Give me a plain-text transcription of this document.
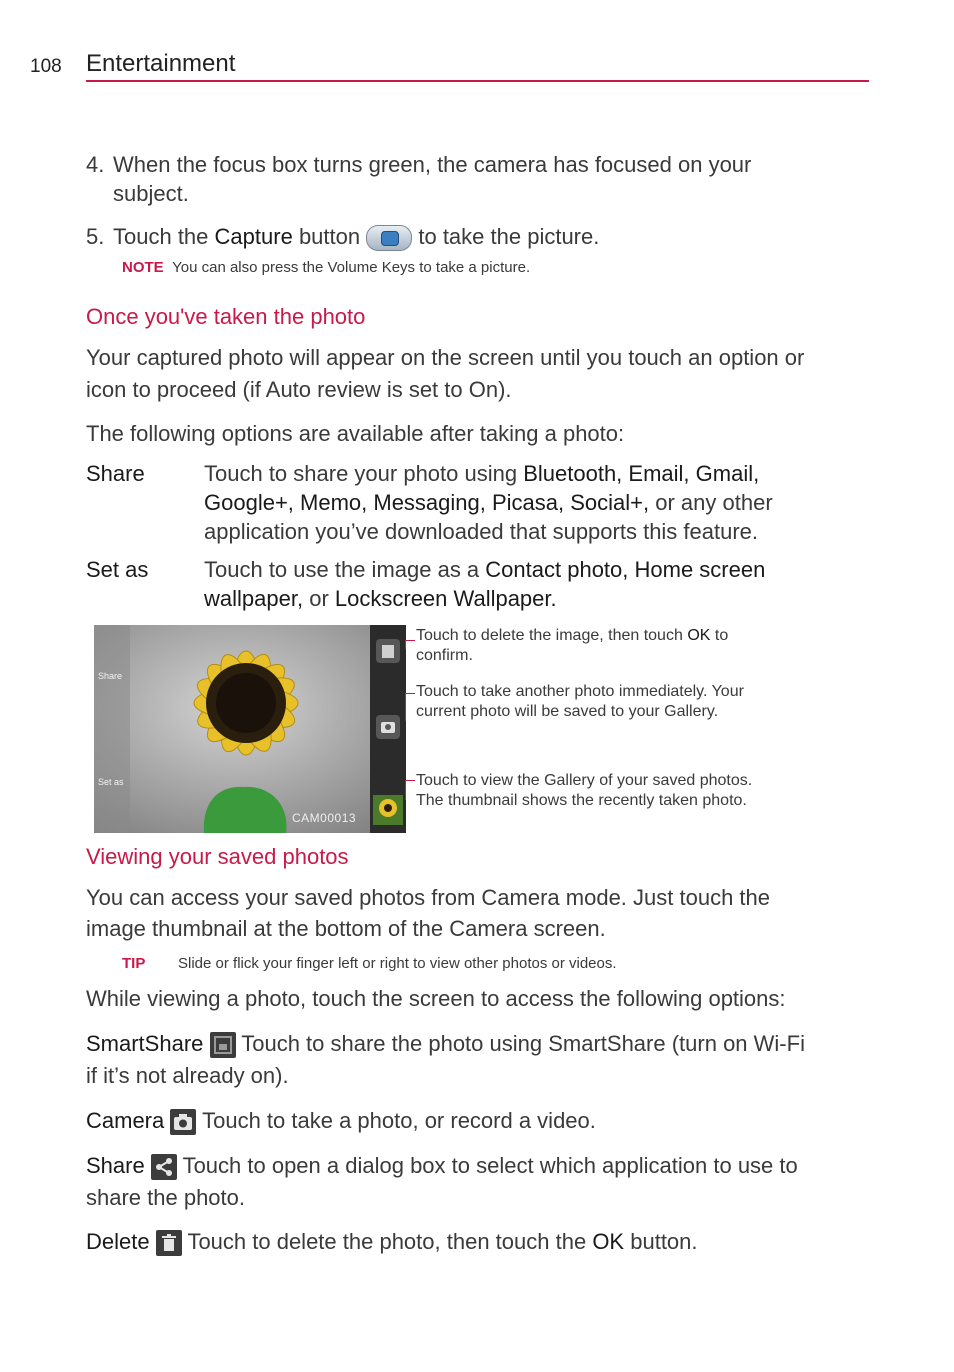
108 Entertainment
4. When the focus box turns green, the camera has focused on your
subject.
5. Touch the Capture button	to take the picture.
NOTE You can also press the Volume Keys to take a picture.
Once you've taken the photo
Your captured photo will appear on the screen until you touch an option or
icon to proceed (if Auto review is set to On).
The following options are available after taking a photo:
Share	Touch to share your photo using Bluetooth, Email, Gmail,
Google+, Memo, Messaging, Picasa, Social+, or any other
application you’ve downloaded that supports this feature.
Set as	Touch to use the image as a Contact photo, Home screen
wallpaper, or Lockscreen Wallpaper.
Share
Set as
CAM00013
Touch to delete the image, then touch OK to
confirm.
Touch to take another photo immediately. Your
current photo will be saved to your Gallery.
Touch to view the Gallery of your saved photos.
The thumbnail shows the recently taken photo.
Viewing your saved photos
You can access your saved photos from Camera mode. Just touch the
image thumbnail at the bottom of the Camera screen.
TIP Slide or flick your finger left or right to view other photos or videos.
While viewing a photo, touch the screen to access the following options:
SmartShare Touch to share the photo using SmartShare (turn on Wi-Fi
if it’s not already on).
Camera Touch to take a photo, or record a video.
Share Touch to open a dialog box to select which application to use to
share the photo.
Delete Touch to delete the photo, then touch the OK button.
